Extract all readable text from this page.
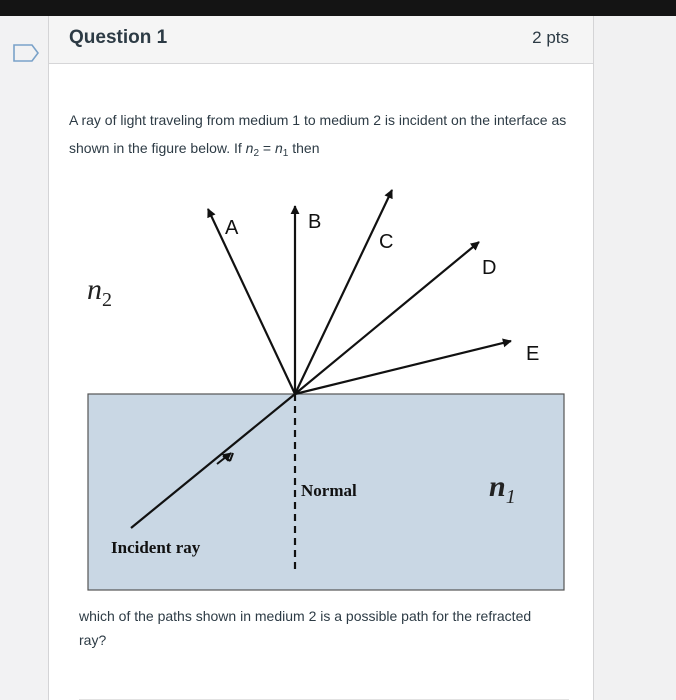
Question 1	2 pts
A ray of light traveling from medium 1 to medium 2 is incident on the interface as shown in the figure below. If $n_2 = n_1$ then
A	B
C
D
E
$n_2$
$n_1$
Normal
Incident ray
which of the paths shown in medium 2 is a possible path for the refracted ray?
